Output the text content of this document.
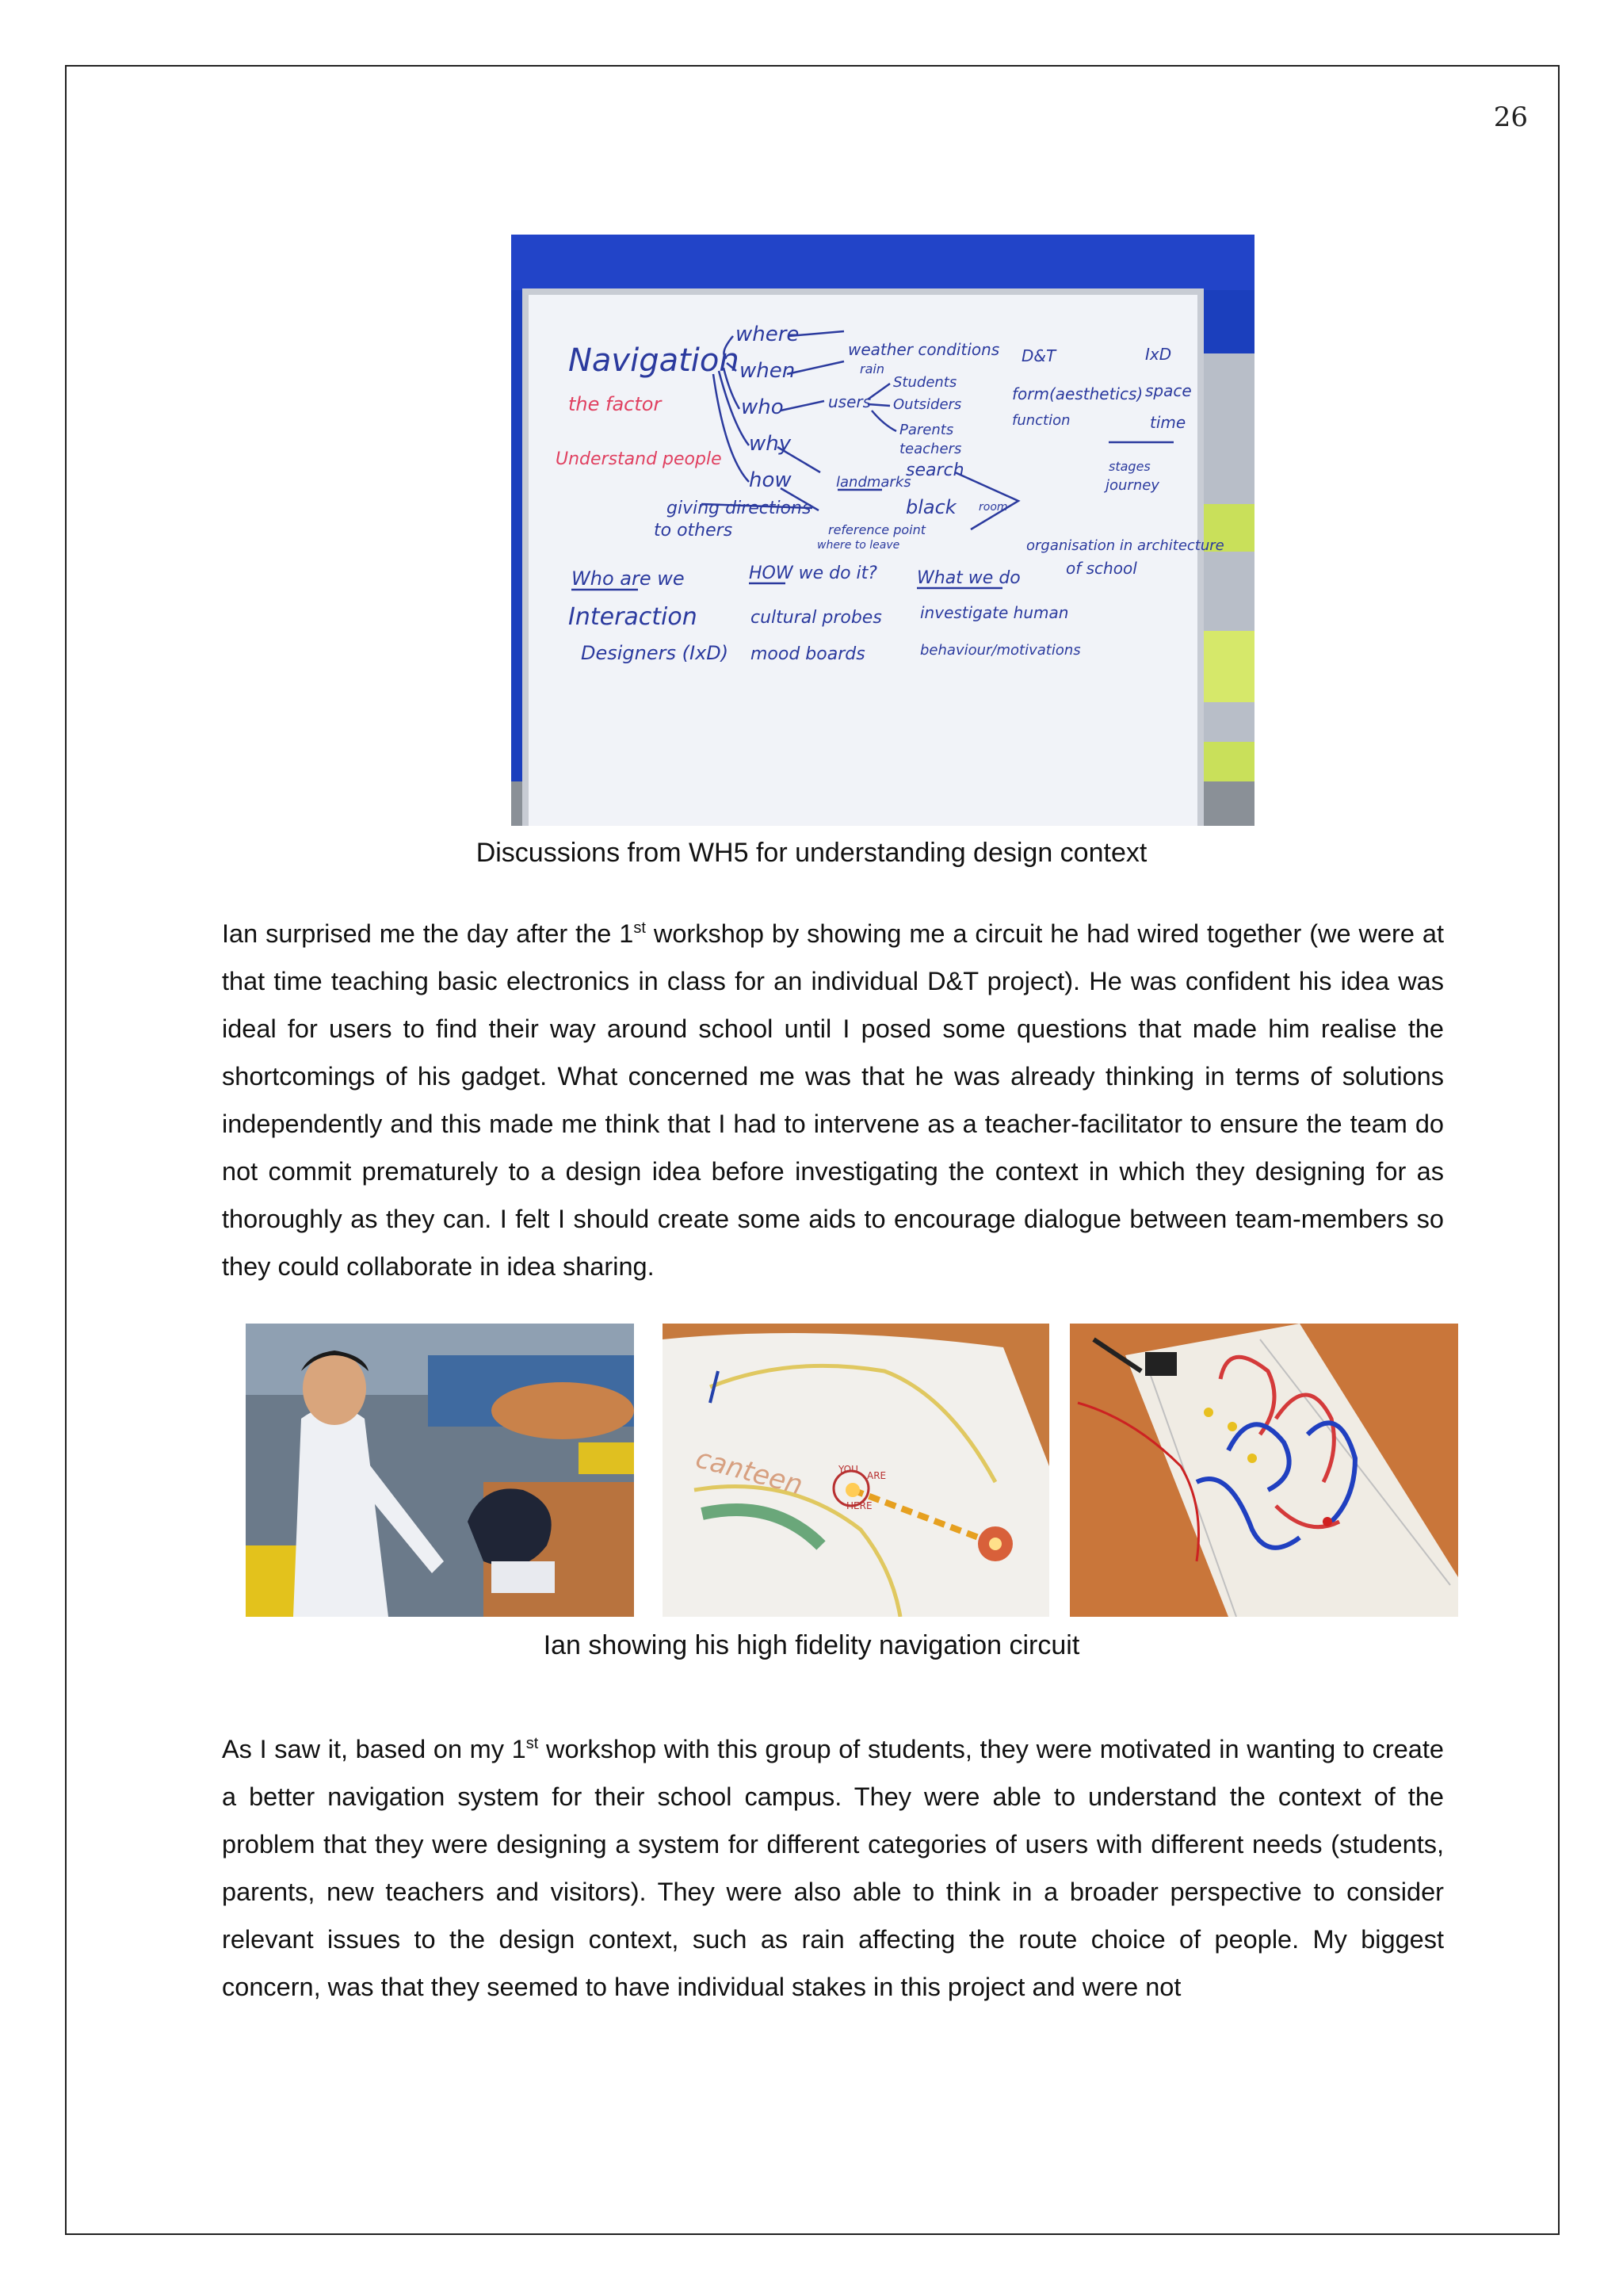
26
Navigation
the factor
Understand people
where
when
who
why
how
weather conditions
rain
users
Students
Outsiders
Parents
teachers
search
landmarks
black room
giving directions
to others	reference point
where to leave
D&T
form(aesthetics)
function
IxD
space
time
stages
journey
organisation in architecture
of school
Who are we
Interaction
Designers (IxD)
HOW we do it?
cultural probes
mood boards
What we do
investigate human
behaviour/motivations
Discussions from WH5 for understanding design context

Ian surprised me the day after the 1st workshop by showing me a circuit he had wired together (we were at that time teaching basic electronics in class for an individual D&T project). He was confident his idea was ideal for users to find their way around school until I posed some questions that made him realise the shortcomings of his gadget. What concerned me was that he was already thinking in terms of solutions independently and this made me think that I had to intervene as a teacher-facilitator to ensure the team do not commit prematurely to a design idea before investigating the context in which they designing for as thoroughly as they can. I felt I should create some aids to encourage dialogue between team-members so they could collaborate in idea sharing.

canteen	YOU
ARE
HERE
Ian showing his high fidelity navigation circuit

As I saw it, based on my 1st workshop with this group of students, they were motivated in wanting to create a better navigation system for their school campus. They were able to understand the context of the problem that they were designing a system for different categories of users with different needs (students, parents, new teachers and visitors). They were also able to think in a broader perspective to consider relevant issues to the design context, such as rain affecting the route choice of people. My biggest concern, was that they seemed to have individual stakes in this project and were not
